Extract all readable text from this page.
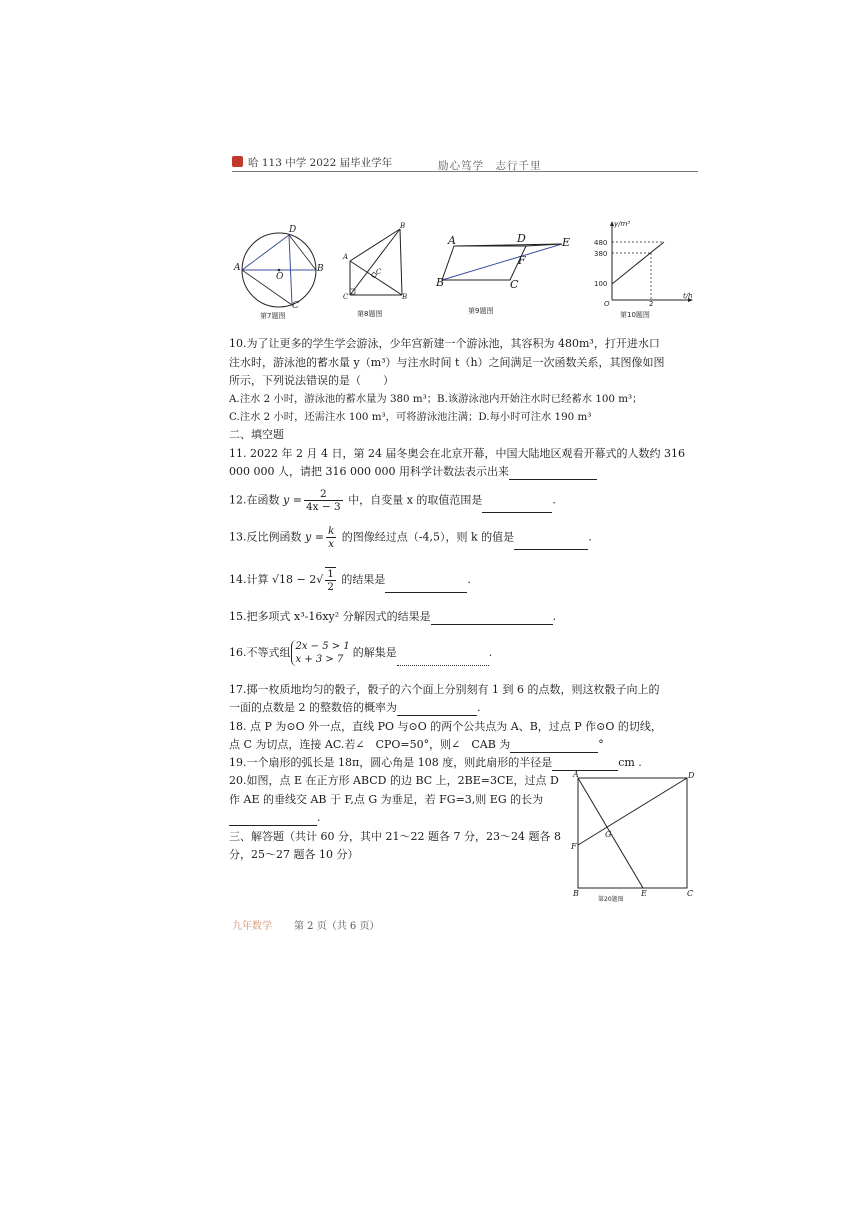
哈 113 中学 2022 届毕业学年	励心笃学　志行千里
A	B
C
D
O
第7题图
A
B
C
C
B
第8题图
A	D	E
F
B	C
第9题图
y/m³
480
380
100
O	2
t/h
第10题图
10.为了让更多的学生学会游泳，少年宫新建一个游泳池，其容积为 480m³，打开进水口
注水时，游泳池的蓄水量 y（m³）与注水时间 t（h）之间满足一次函数关系，其图像如图
所示，下列说法错误的是（　　）
A.注水 2 小时，游泳池的蓄水量为 380 m³；B.该游泳池内开始注水时已经蓄水 100 m³；
C.注水 2 小时，还需注水 100 m³，可将游泳池注满；D.每小时可注水 190 m³
二、填空题
11. 2022 年 2 月 4 日，第 24 届冬奥会在北京开幕，中国大陆地区观看开幕式的人数约 316
000 000 人，请把 316 000 000 用科学计数法表示出来
12.在函数 $y = \frac{2}{4x - 3}$ 中，自变量 x 的取值范围是	.
13.反比例函数 $y = \frac{k}{x}$ 的图像经过点（-4,5），则 k 的值是	.
14.计算 $√18 - 2√ \frac{1}{2}$ 的结果是	.
15.把多项式 x³-16xy² 分解因式的结果是	.
16.不等式组 2x − 5 > 1
x + 3 > 7
的解集是	.
17.掷一枚质地均匀的骰子，骰子的六个面上分别刻有 1 到 6 的点数，则这枚骰子向上的
一面的点数是 2 的整数倍的概率为	.
18. 点 P 为⊙O 外一点，直线 PO 与⊙O 的两个公共点为 A、B，过点 P 作⊙O 的切线，
点 C 为切点，连接 AC.若∠　CPO=50°，则∠　CAB 为	°
19.一个扇形的弧长是 18π，圆心角是 108 度，则此扇形的半径是	cm .
20.如图，点 E 在正方形 ABCD 的边 BC 上，2BE=3CE，过点 D
作 AE 的垂线交 AB 于 F,点 G 为垂足，若 FG=3,则 EG 的长为
.
三、解答题（共计 60 分，其中 21～22 题各 7 分，23～24 题各 8
分，25～27 题各 10 分）
A	D
F
G
B	E	C
第20题图
九年数学 第 2 页（共 6 页）
